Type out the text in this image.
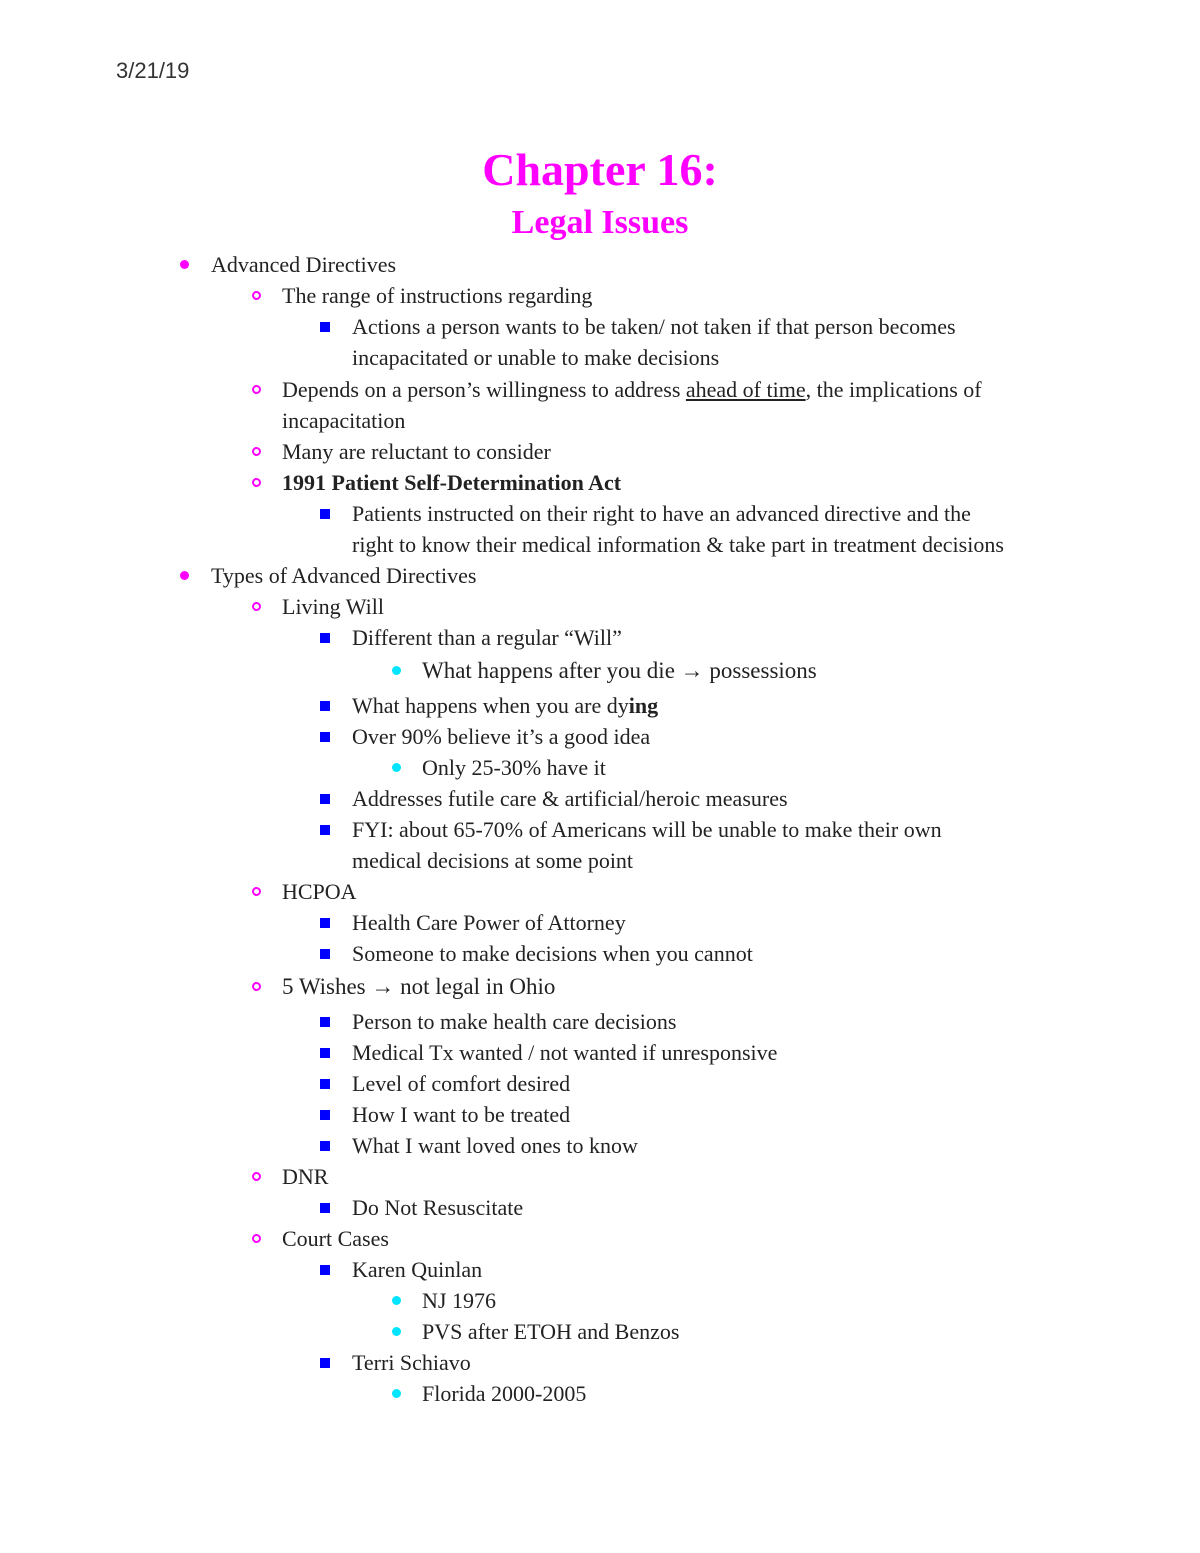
3/21/19
Chapter 16:
Legal Issues
Advanced Directives
The range of instructions regarding
Actions a person wants to be taken/ not taken if that person becomes
incapacitated or unable to make decisions
Depends on a person’s willingness to address ahead of time, the implications of
incapacitation
Many are reluctant to consider
1991 Patient Self-Determination Act
Patients instructed on their right to have an advanced directive and the
right to know their medical information & take part in treatment decisions
Types of Advanced Directives
Living Will
Different than a regular “Will”
What happens after you die → possessions
What happens when you are dying
Over 90% believe it’s a good idea
Only 25-30% have it
Addresses futile care & artificial/heroic measures
FYI: about 65-70% of Americans will be unable to make their own
medical decisions at some point
HCPOA
Health Care Power of Attorney
Someone to make decisions when you cannot
5 Wishes → not legal in Ohio
Person to make health care decisions
Medical Tx wanted / not wanted if unresponsive
Level of comfort desired
How I want to be treated
What I want loved ones to know
DNR
Do Not Resuscitate
Court Cases
Karen Quinlan
NJ 1976
PVS after ETOH and Benzos
Terri Schiavo
Florida 2000-2005
